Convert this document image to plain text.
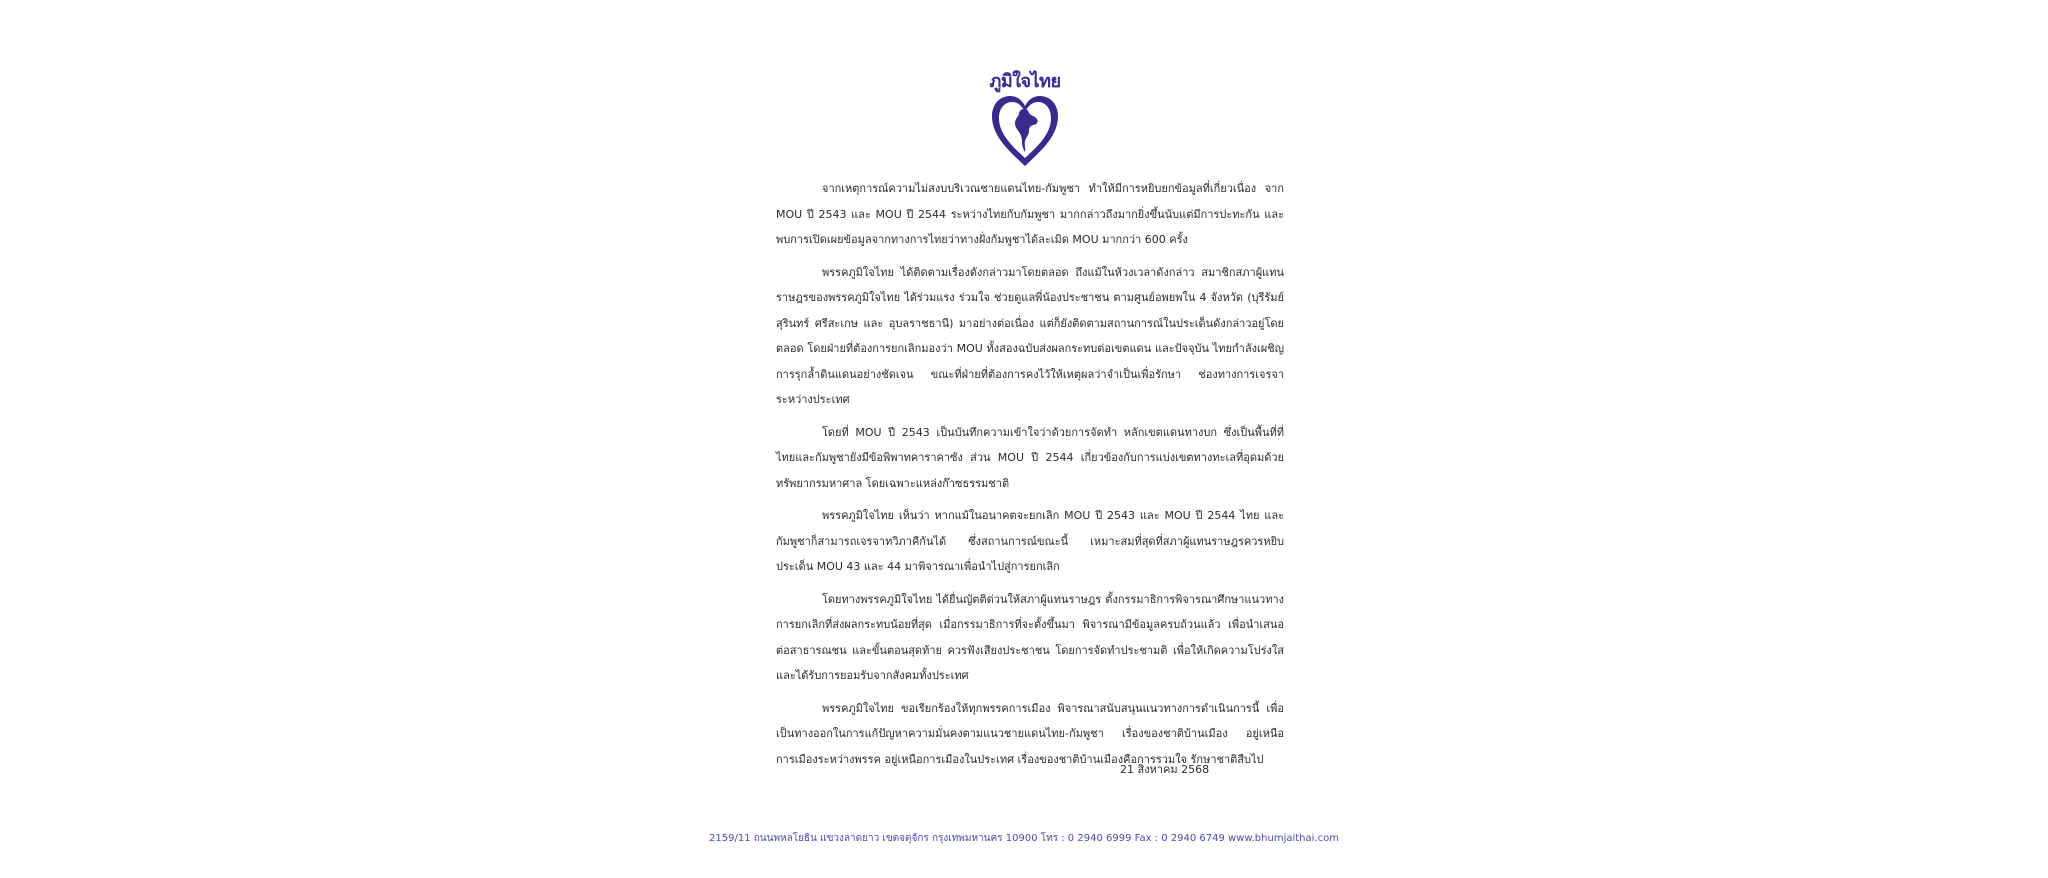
ภูมิใจไทย

จากเหตุการณ์ความไม่สงบบริเวณชายแดนไทย-กัมพูชา ทำให้มีการหยิบยกข้อมูลที่เกี่ยวเนื่อง จาก MOU ปี 2543 และ MOU ปี 2544 ระหว่างไทยกับกัมพูชา มากกล่าวถึงมากยิ่งขึ้นนับแต่มีการปะทะกัน และพบการเปิดเผยข้อมูลจากทางการไทยว่าทางฝั่งกัมพูชาได้ละเมิด MOU มากกว่า 600 ครั้ง

พรรคภูมิใจไทย ได้ติดตามเรื่องดังกล่าวมาโดยตลอด ถึงแม้ในห้วงเวลาดังกล่าว สมาชิกสภาผู้แทนราษฎรของพรรคภูมิใจไทย ได้ร่วมแรง ร่วมใจ ช่วยดูแลพี่น้องประชาชน ตามศูนย์อพยพใน 4 จังหวัด (บุรีรัมย์ สุรินทร์ ศรีสะเกษ และ อุบลราชธานี) มาอย่างต่อเนื่อง แต่ก็ยังติดตามสถานการณ์ในประเด็นดังกล่าวอยู่โดยตลอด โดยฝ่ายที่ต้องการยกเลิกมองว่า MOU ทั้งสองฉบับส่งผลกระทบต่อเขตแดน และปัจจุบัน ไทยกำลังเผชิญการรุกล้ำดินแดนอย่างชัดเจน ขณะที่ฝ่ายที่ต้องการคงไว้ให้เหตุผลว่าจำเป็นเพื่อรักษา ช่องทางการเจรจาระหว่างประเทศ

โดยที่ MOU ปี 2543 เป็นบันทึกความเข้าใจว่าด้วยการจัดทำ หลักเขตแดนทางบก ซึ่งเป็นพื้นที่ที่ไทยและกัมพูชายังมีข้อพิพาทคาราคาซัง ส่วน MOU ปี 2544 เกี่ยวข้องกับการแบ่งเขตทางทะเลที่อุดมด้วยทรัพยากรมหาศาล โดยเฉพาะแหล่งก๊าซธรรมชาติ

พรรคภูมิใจไทย เห็นว่า หากแม้ในอนาคตจะยกเลิก MOU ปี 2543 และ MOU ปี 2544 ไทย และกัมพูชาก็สามารถเจรจาทวิภาคีกันได้ ซึ่งสถานการณ์ขณะนี้ เหมาะสมที่สุดที่สภาผู้แทนราษฎรควรหยิบประเด็น MOU 43 และ 44 มาพิจารณาเพื่อนำไปสู่การยกเลิก

โดยทางพรรคภูมิใจไทย ได้ยื่นญัตติด่วนให้สภาผู้แทนราษฎร ตั้งกรรมาธิการพิจารณาศึกษาแนวทางการยกเลิกที่ส่งผลกระทบน้อยที่สุด เมื่อกรรมาธิการที่จะตั้งขึ้นมา พิจารณามีข้อมูลครบถ้วนแล้ว เพื่อนำเสนอต่อสาธารณชน และขั้นตอนสุดท้าย ควรฟังเสียงประชาชน โดยการจัดทำประชามติ เพื่อให้เกิดความโปร่งใสและได้รับการยอมรับจากสังคมทั้งประเทศ

พรรคภูมิใจไทย ขอเรียกร้องให้ทุกพรรคการเมือง พิจารณาสนับสนุนแนวทางการดำเนินการนี้ เพื่อเป็นทางออกในการแก้ปัญหาความมั่นคงตามแนวชายแดนไทย-กัมพูชา เรื่องของชาติบ้านเมือง อยู่เหนือการเมืองระหว่างพรรค อยู่เหนือการเมืองในประเทศ เรื่องของชาติบ้านเมืองคือการรวมใจ รักษาชาติสืบไป

21 สิงหาคม 2568
2159/11 ถนนพหลโยธิน แขวงลาดยาว เขตจตุจักร กรุงเทพมหานคร 10900 โทร : 0 2940 6999 Fax : 0 2940 6749 www.bhumjaithai.com
